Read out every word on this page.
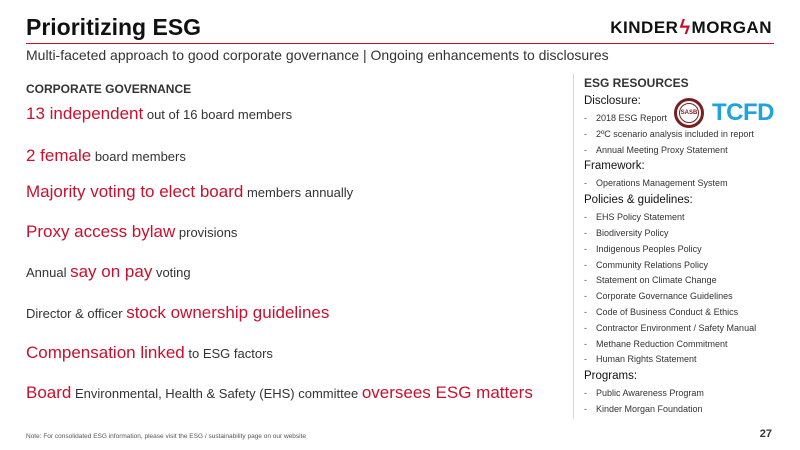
Prioritizing ESG	KINDER ϟ MORGAN
Multi-faceted approach to good corporate governance | Ongoing enhancements to disclosures
CORPORATE GOVERNANCE
13 independent out of 16 board members
2 female board members
Majority voting to elect board members annually
Proxy access bylaw provisions
Annual say on pay voting
Director & officer stock ownership guidelines
Compensation linked to ESG factors
Board Environmental, Health & Safety (EHS) committee oversees ESG matters
ESG RESOURCES
Disclosure:
- 2018 ESG Report
- 2ºC scenario analysis included in report
- Annual Meeting Proxy Statement
Framework:
- Operations Management System
Policies & guidelines:
- EHS Policy Statement
- Biodiversity Policy
- Indigenous Peoples Policy
- Community Relations Policy
- Statement on Climate Change
- Corporate Governance Guidelines
- Code of Business Conduct & Ethics
- Contractor Environment / Safety Manual
- Methane Reduction Commitment
- Human Rights Statement
Programs:
- Public Awareness Program
- Kinder Morgan Foundation
SASB TCFD
Note: For consolidated ESG information, please visit the ESG / sustainability page on our website	27
